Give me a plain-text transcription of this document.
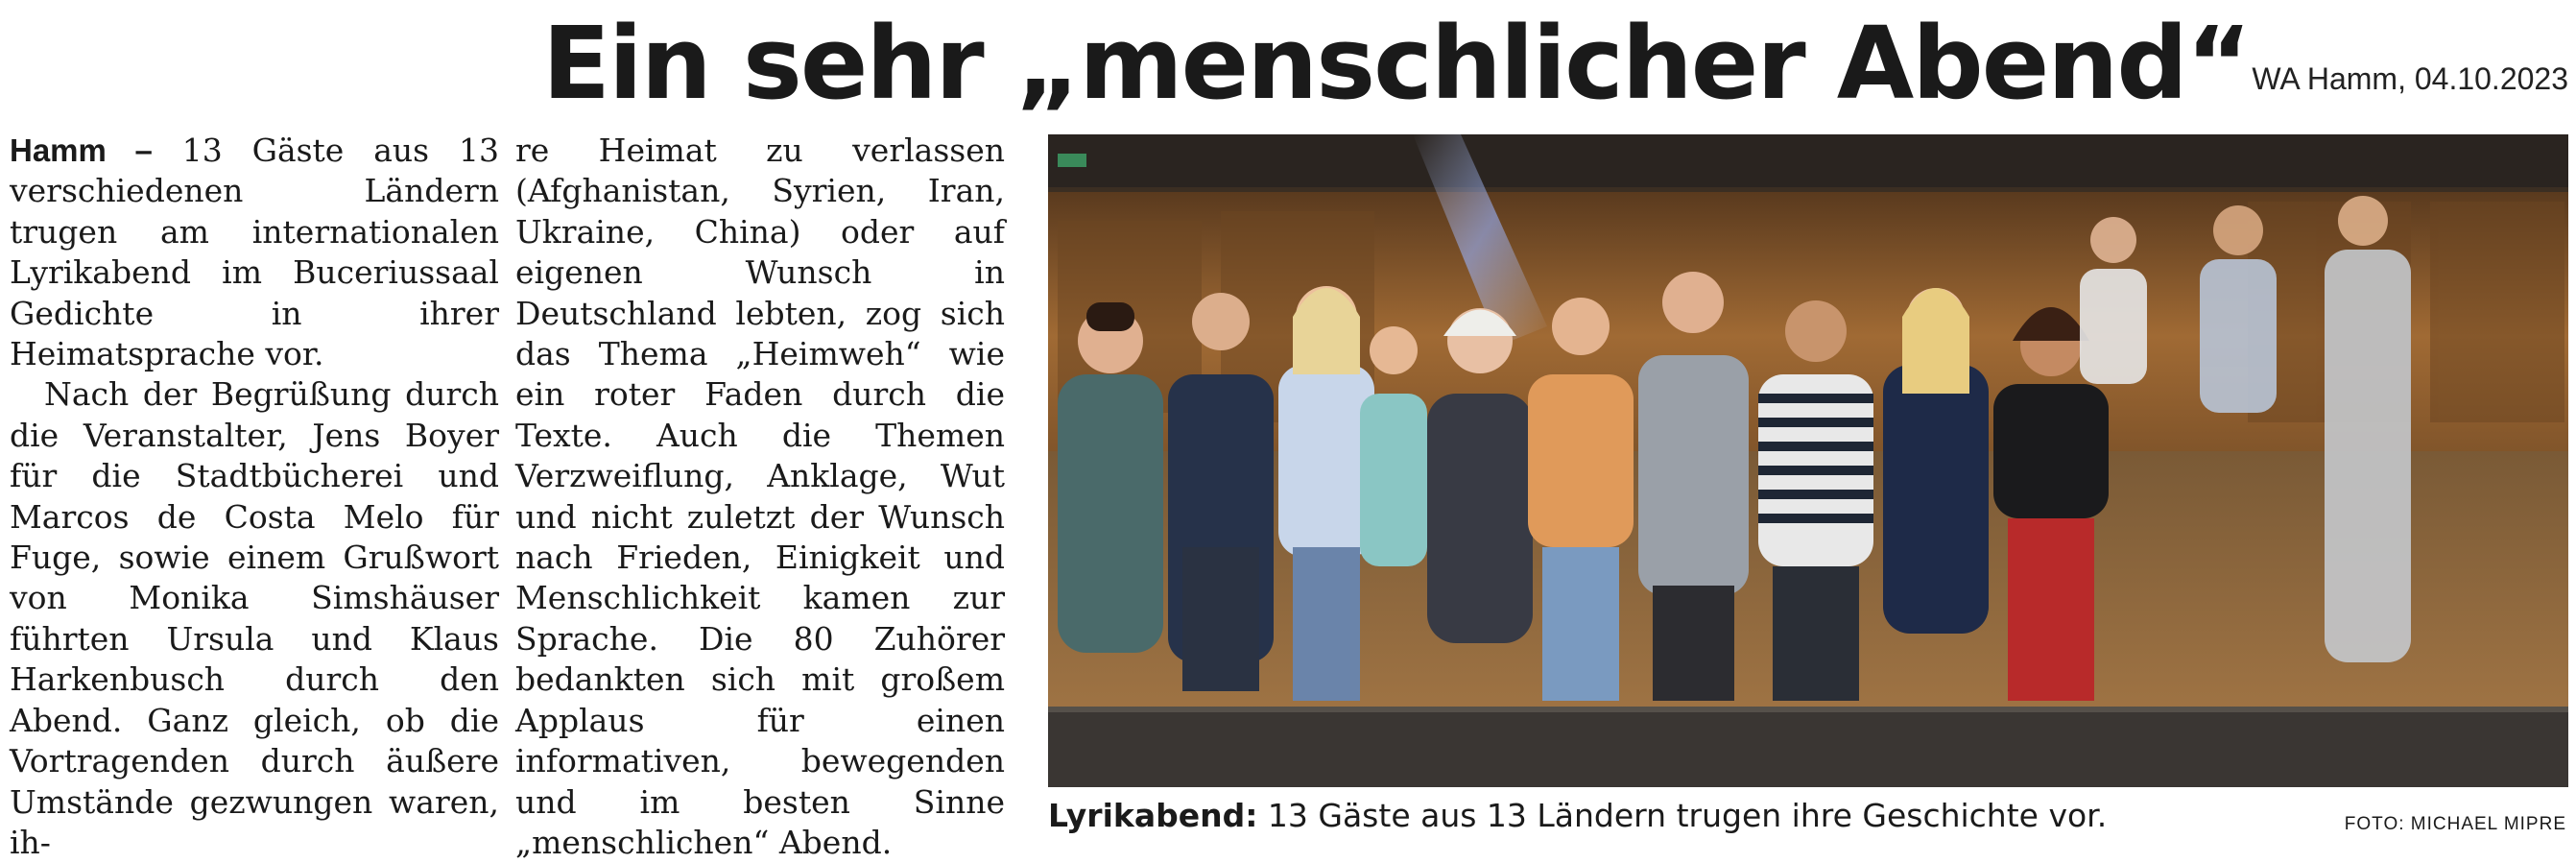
Ein sehr „menschlicher Abend“ WA Hamm, 04.10.2023

Hamm – 13 Gäste aus 13 verschiedenen Ländern trugen am internationalen Lyrikabend im Buceriussaal Gedichte in ihrer Heimatsprache vor.

Nach der Begrüßung durch die Veranstalter, Jens Boyer für die Stadtbücherei und Marcos de Costa Melo für Fuge, sowie einem Grußwort von Monika Simshäuser führten Ursula und Klaus Harkenbusch durch den Abend. Ganz gleich, ob die Vortragenden durch äußere Umstände gezwungen waren, ih-

re Heimat zu verlassen (Afghanistan, Syrien, Iran, Ukraine, China) oder auf eigenen Wunsch in Deutschland lebten, zog sich das Thema „Heimweh“ wie ein roter Faden durch die Texte. Auch die Themen Verzweiflung, Anklage, Wut und nicht zuletzt der Wunsch nach Frieden, Einigkeit und Menschlichkeit kamen zur Sprache. Die 80 Zuhörer bedankten sich mit großem Applaus für einen informativen, bewegenden und im besten Sinne „menschlichen“ Abend.

Lyrikabend: 13 Gäste aus 13 Ländern trugen ihre Geschichte vor.	FOTO: MICHAEL MIPRE
